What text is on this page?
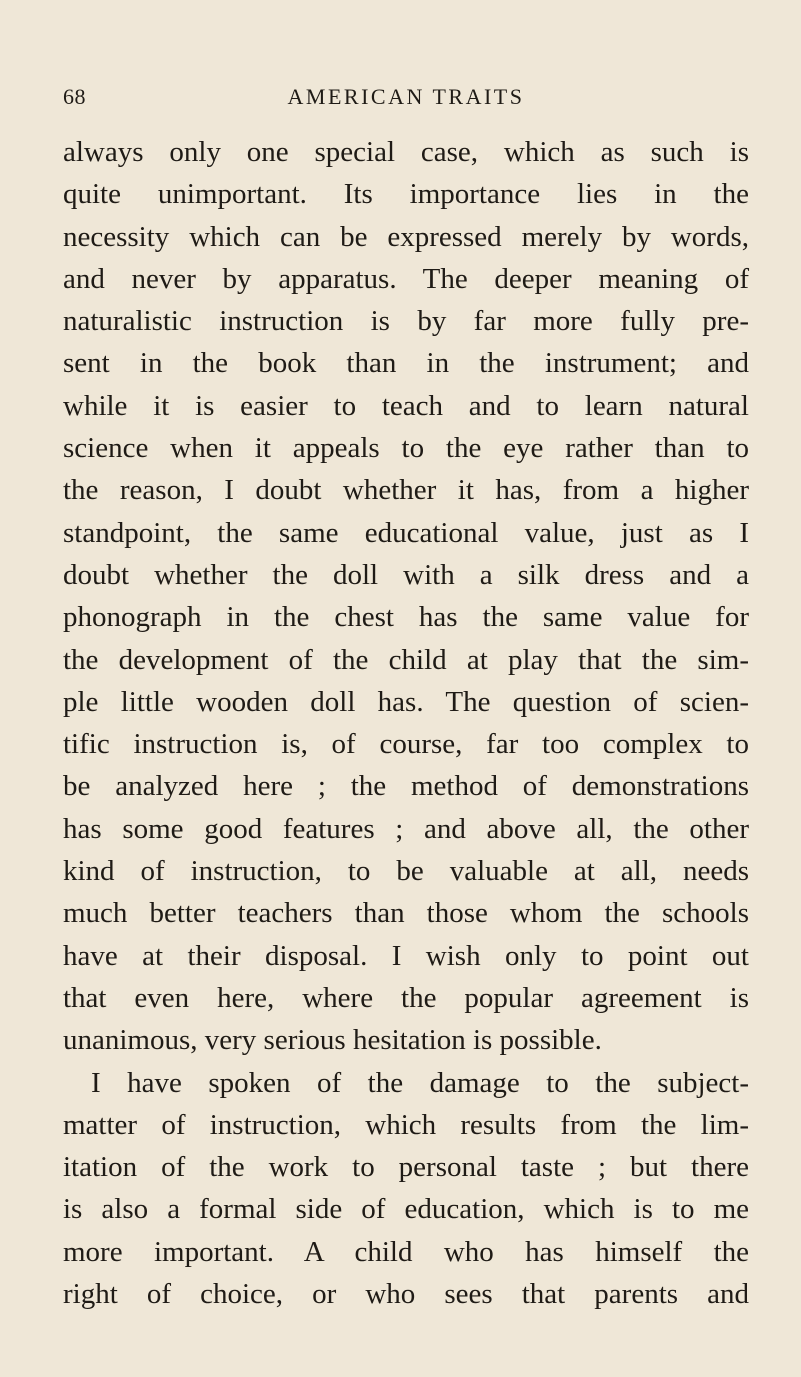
68	AMERICAN TRAITS
always only one special case, which as such is
quite unimportant. Its importance lies in the
necessity which can be expressed merely by words,
and never by apparatus. The deeper meaning of
naturalistic instruction is by far more fully pre-
sent in the book than in the instrument; and
while it is easier to teach and to learn natural
science when it appeals to the eye rather than to
the reason, I doubt whether it has, from a higher
standpoint, the same educational value, just as I
doubt whether the doll with a silk dress and a
phonograph in the chest has the same value for
the development of the child at play that the sim-
ple little wooden doll has. The question of scien-
tific instruction is, of course, far too complex to
be analyzed here ; the method of demonstrations
has some good features ; and above all, the other
kind of instruction, to be valuable at all, needs
much better teachers than those whom the schools
have at their disposal. I wish only to point out
that even here, where the popular agreement is
unanimous, very serious hesitation is possible.
I have spoken of the damage to the subject-
matter of instruction, which results from the lim-
itation of the work to personal taste ; but there
is also a formal side of education, which is to me
more important. A child who has himself the
right of choice, or who sees that parents and
